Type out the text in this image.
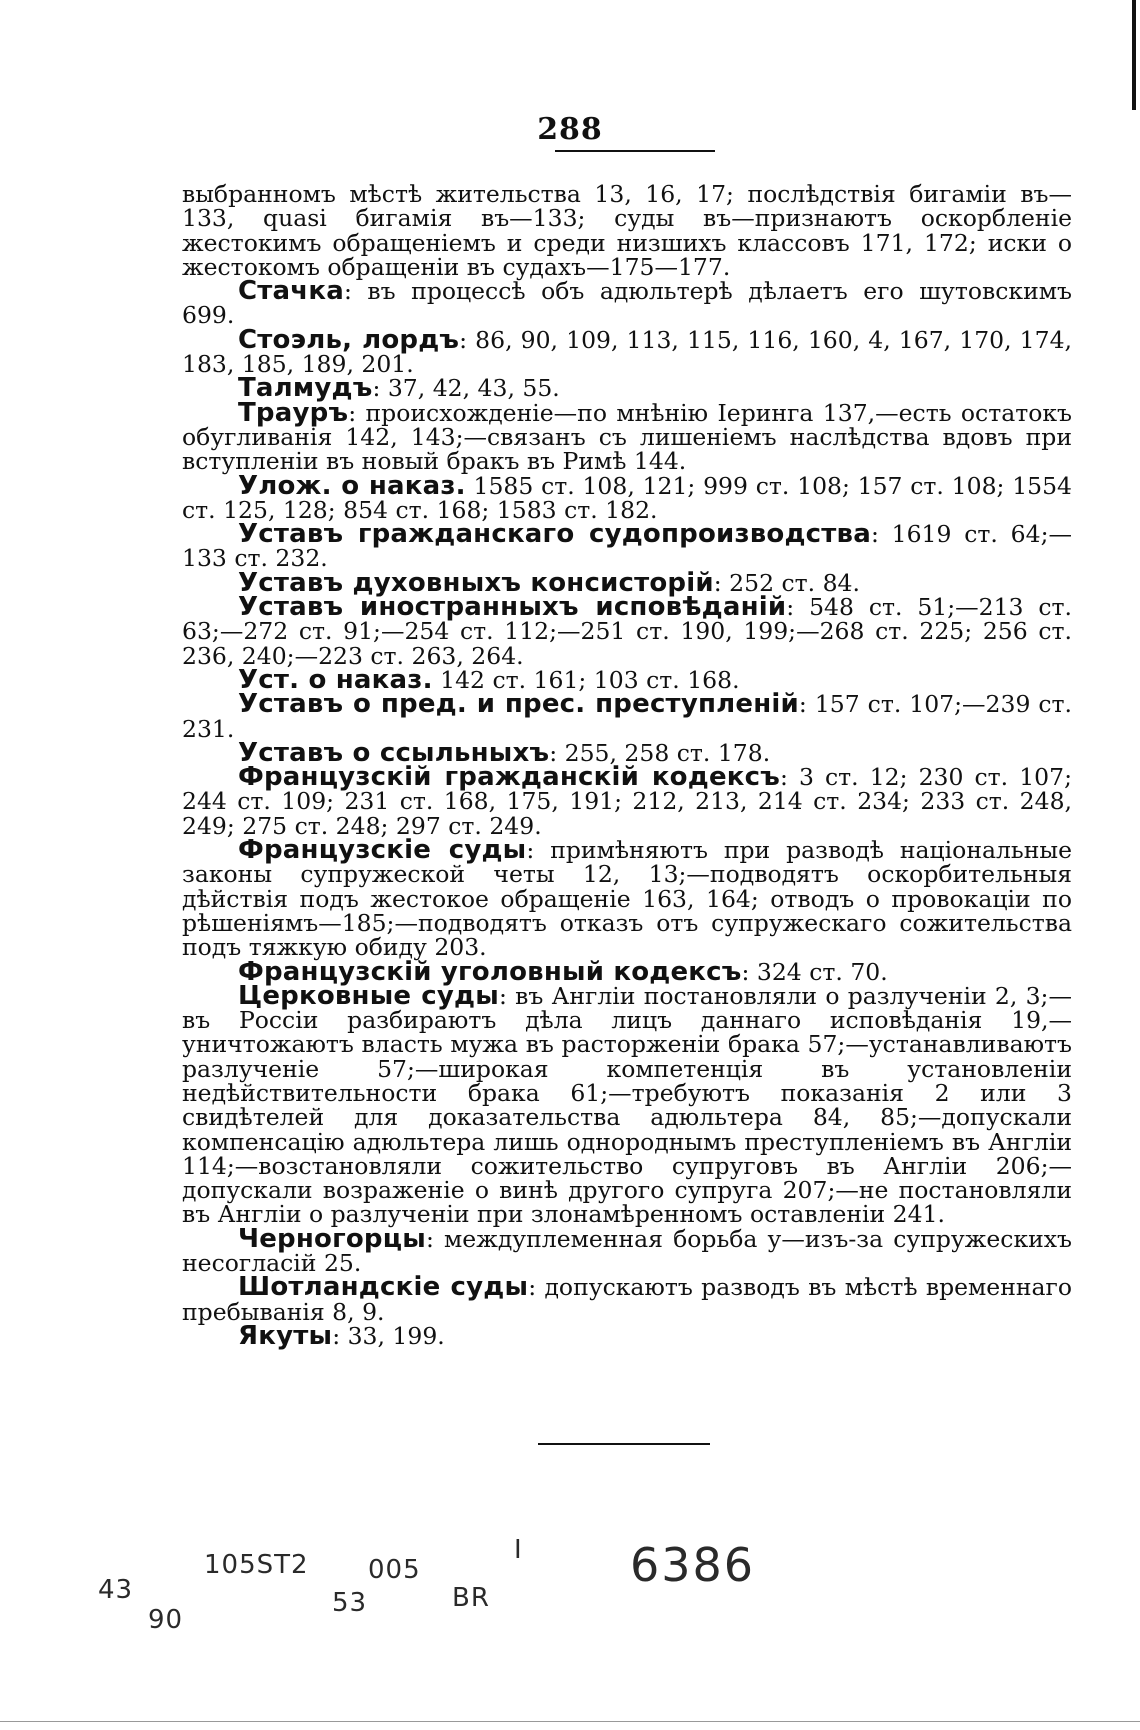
288

выбранномъ мѣстѣ жительства 13, 16, 17; послѣдствія бигаміи въ—133, quasi бигамія въ—133; суды въ—признаютъ оскорбленіе жестокимъ обращеніемъ и среди низшихъ классовъ 171, 172; иски о жестокомъ обращеніи въ судахъ—175—177.

Стачка: въ процессѣ объ адюльтерѣ дѣлаетъ его шутовскимъ 699.

Стоэль, лордъ: 86, 90, 109, 113, 115, 116, 160, 4, 167, 170, 174, 183, 185, 189, 201.

Талмудъ: 37, 42, 43, 55.

Трауръ: происхожденіе—по мнѣнію Іеринга 137,—есть остатокъ обугливанія 142, 143;—связанъ съ лишеніемъ наслѣдства вдовъ при вступленіи въ новый бракъ въ Римѣ 144.

Улож. о наказ. 1585 ст. 108, 121; 999 ст. 108; 157 ст. 108; 1554 ст. 125, 128; 854 ст. 168; 1583 ст. 182.

Уставъ гражданскаго судопроизводства: 1619 ст. 64;—133 ст. 232.

Уставъ духовныхъ консисторій: 252 ст. 84.

Уставъ иностранныхъ исповѣданій: 548 ст. 51;—213 ст. 63;—272 ст. 91;—254 ст. 112;—251 ст. 190, 199;—268 ст. 225; 256 ст. 236, 240;—223 ст. 263, 264.

Уст. о наказ. 142 ст. 161; 103 ст. 168.

Уставъ о пред. и прес. преступленій: 157 ст. 107;—239 ст. 231.

Уставъ о ссыльныхъ: 255, 258 ст. 178.

Французскій гражданскій кодексъ: 3 ст. 12; 230 ст. 107; 244 ст. 109; 231 ст. 168, 175, 191; 212, 213, 214 ст. 234; 233 ст. 248, 249; 275 ст. 248; 297 ст. 249.

Французскіе суды: примѣняютъ при разводѣ національные законы супружеской четы 12, 13;—подводятъ оскорбительныя дѣйствія подъ жестокое обращеніе 163, 164; отводъ о провокаціи по рѣшеніямъ—185;—подводятъ отказъ отъ супружескаго сожительства подъ тяжкую обиду 203.

Французскій уголовный кодексъ: 324 ст. 70.

Церковные суды: въ Англіи постановляли о разлученіи 2, 3;—въ Россіи разбираютъ дѣла лицъ даннаго исповѣданія 19,—уничтожаютъ власть мужа въ расторженіи брака 57;—устанавливаютъ разлученіе 57;—широкая компетенція въ установленіи недѣйствительности брака 61;—требуютъ показанія 2 или 3 свидѣтелей для доказательства адюльтера 84, 85;—допускали компенсацію адюльтера лишь однороднымъ преступленіемъ въ Англіи 114;—возстановляли сожительство супруговъ въ Англіи 206;—допускали возраженіе о винѣ другого супруга 207;—не постановляли въ Англіи о разлученіи при злонамѣренномъ оставленіи 241.

Черногорцы: междуплеменная борьба у—изъ-за супружескихъ несогласій 25.

Шотландскіе суды: допускаютъ разводъ въ мѣстѣ временнаго пребыванія 8, 9.

Якуты: 33, 199.

43
90
105ST2
53
005
BR
I 6386
